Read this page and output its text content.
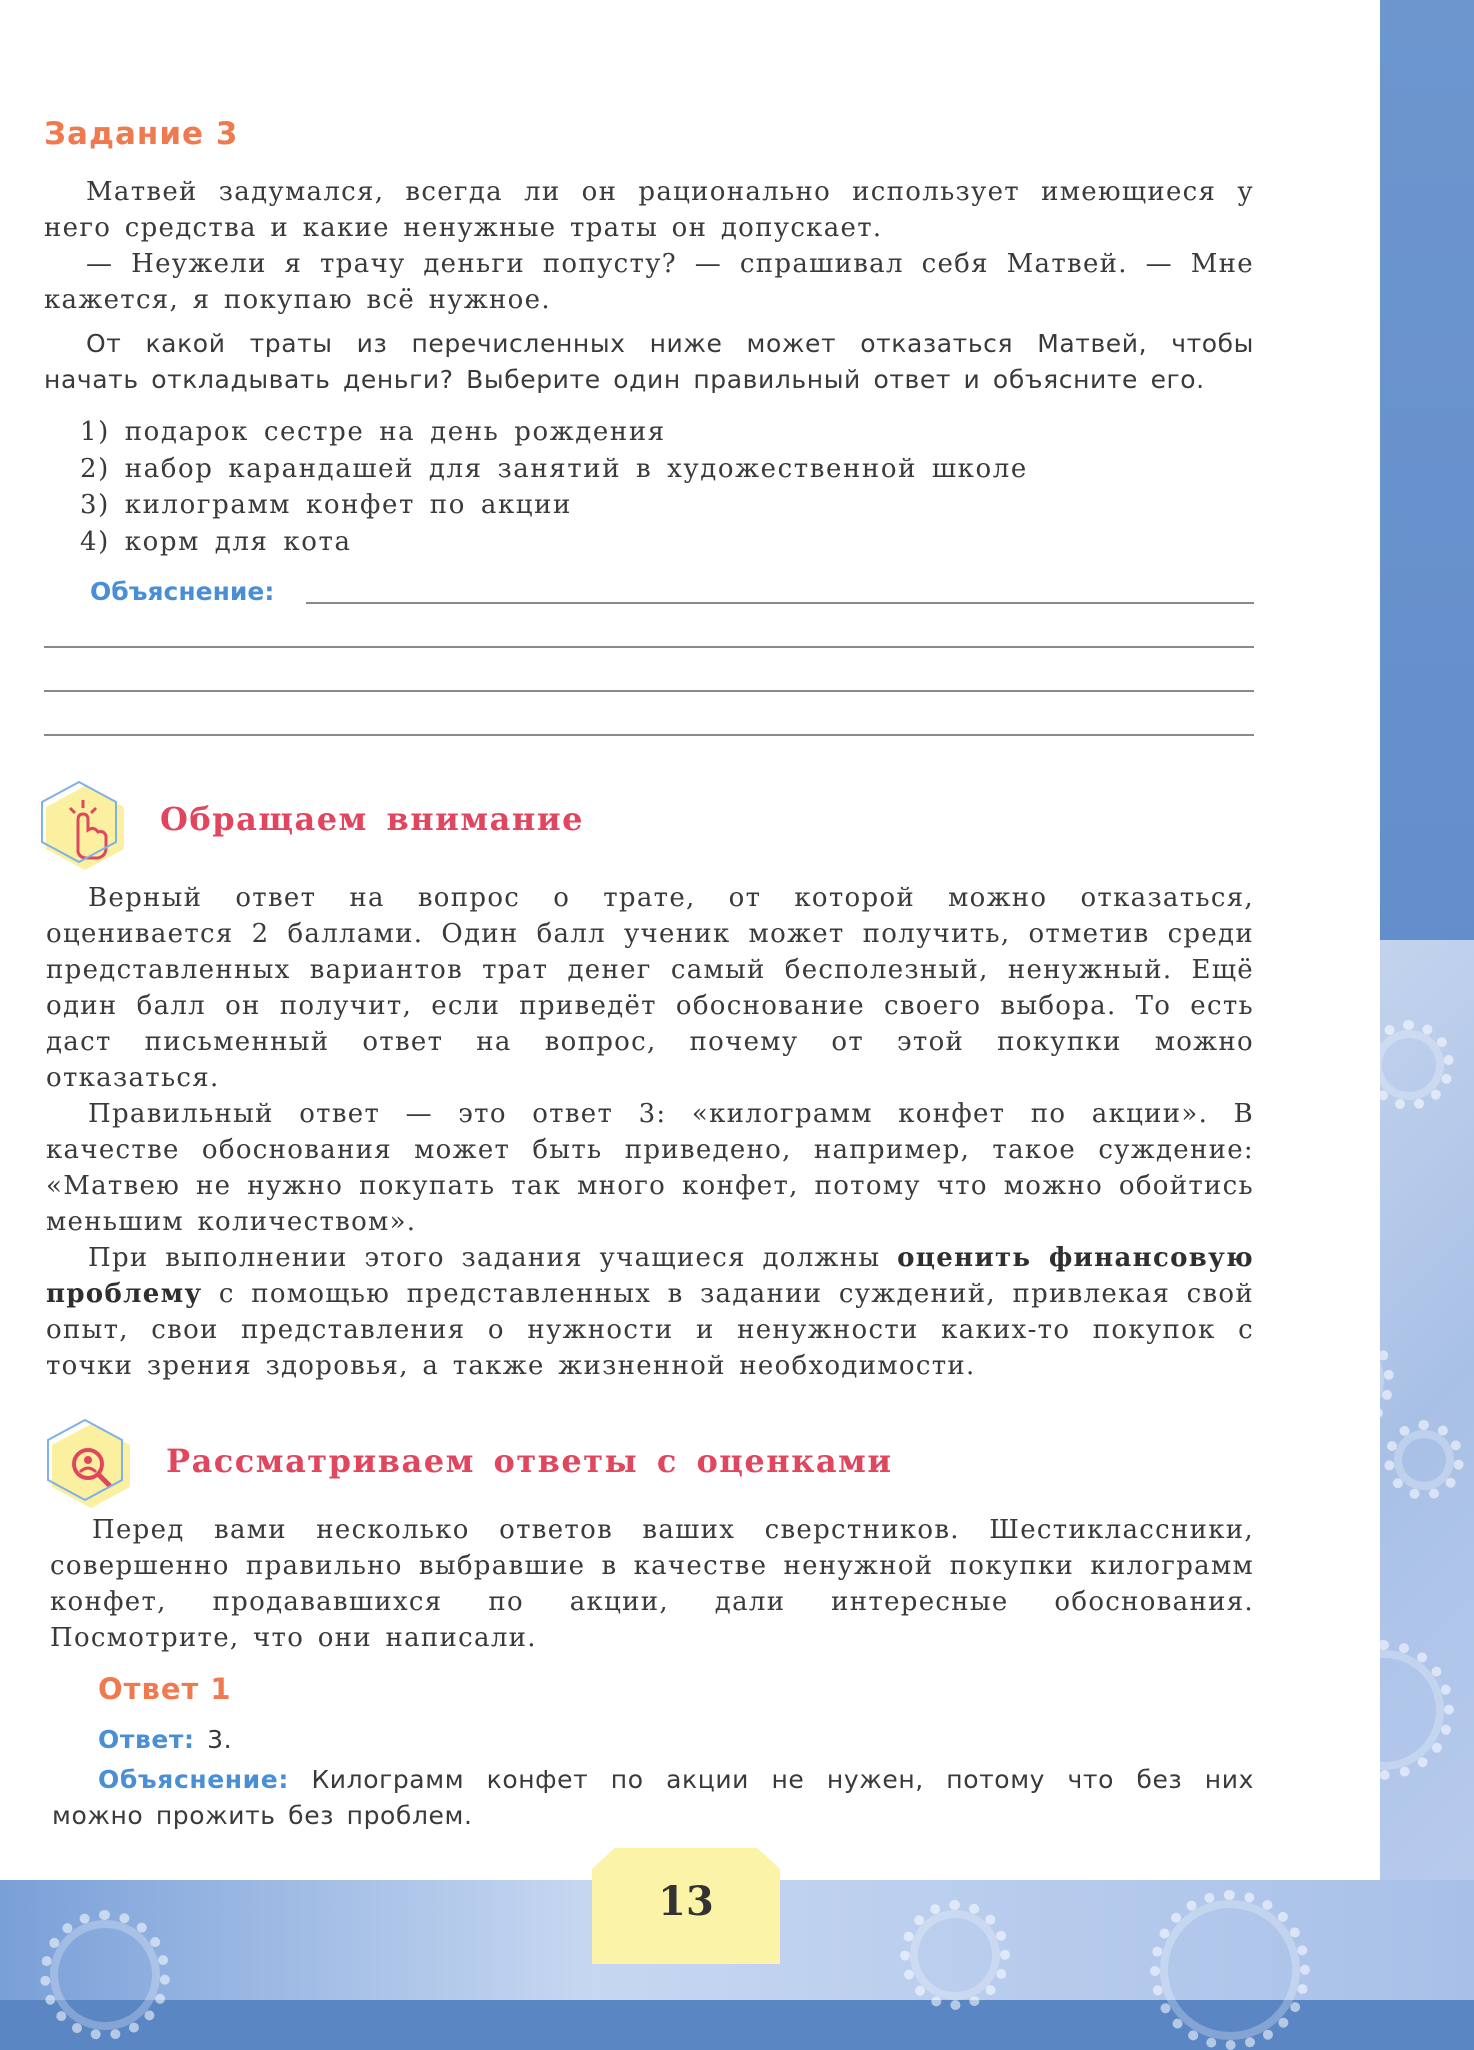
Задание 3
Матвей задумался, всегда ли он рационально использует имеющиеся у него средства и какие ненужные траты он допускает.
— Неужели я трачу деньги попусту? — спрашивал себя Матвей. — Мне кажется, я покупаю всё нужное.
От какой траты из перечисленных ниже может отказаться Матвей, чтобы начать откладывать деньги? Выберите один правильный ответ и объясните его.
1) подарок сестре на день рождения
2) набор карандашей для занятий в художественной школе
3) килограмм конфет по акции
4) корм для кота
Объяснение:
Обращаем внимание
Верный ответ на вопрос о трате, от которой можно отказаться, оценивается 2 баллами. Один балл ученик может получить, отметив среди представленных вариантов трат денег самый бесполезный, ненужный. Ещё один балл он получит, если приведёт обоснование своего выбора. То есть даст письменный ответ на вопрос, почему от этой покупки можно отказаться.
Правильный ответ — это ответ 3: «килограмм конфет по акции». В качестве обоснования может быть приведено, например, такое суждение: «Матвею не нужно покупать так много конфет, потому что можно обойтись меньшим количеством».
При выполнении этого задания учащиеся должны оценить финансовую проблему с помощью представленных в задании суждений, привлекая свой опыт, свои представления о нужности и ненужности каких-то покупок с точки зрения здоровья, а также жизненной необходимости.
Рассматриваем ответы с оценками
Перед вами несколько ответов ваших сверстников. Шестиклассники, совершенно правильно выбравшие в качестве ненужной покупки килограмм конфет, продававшихся по акции, дали интересные обоснования. Посмотрите, что они написали.
Ответ 1
Ответ: 3.
Объяснение: Килограмм конфет по акции не нужен, потому что без них можно прожить без проблем.
13
